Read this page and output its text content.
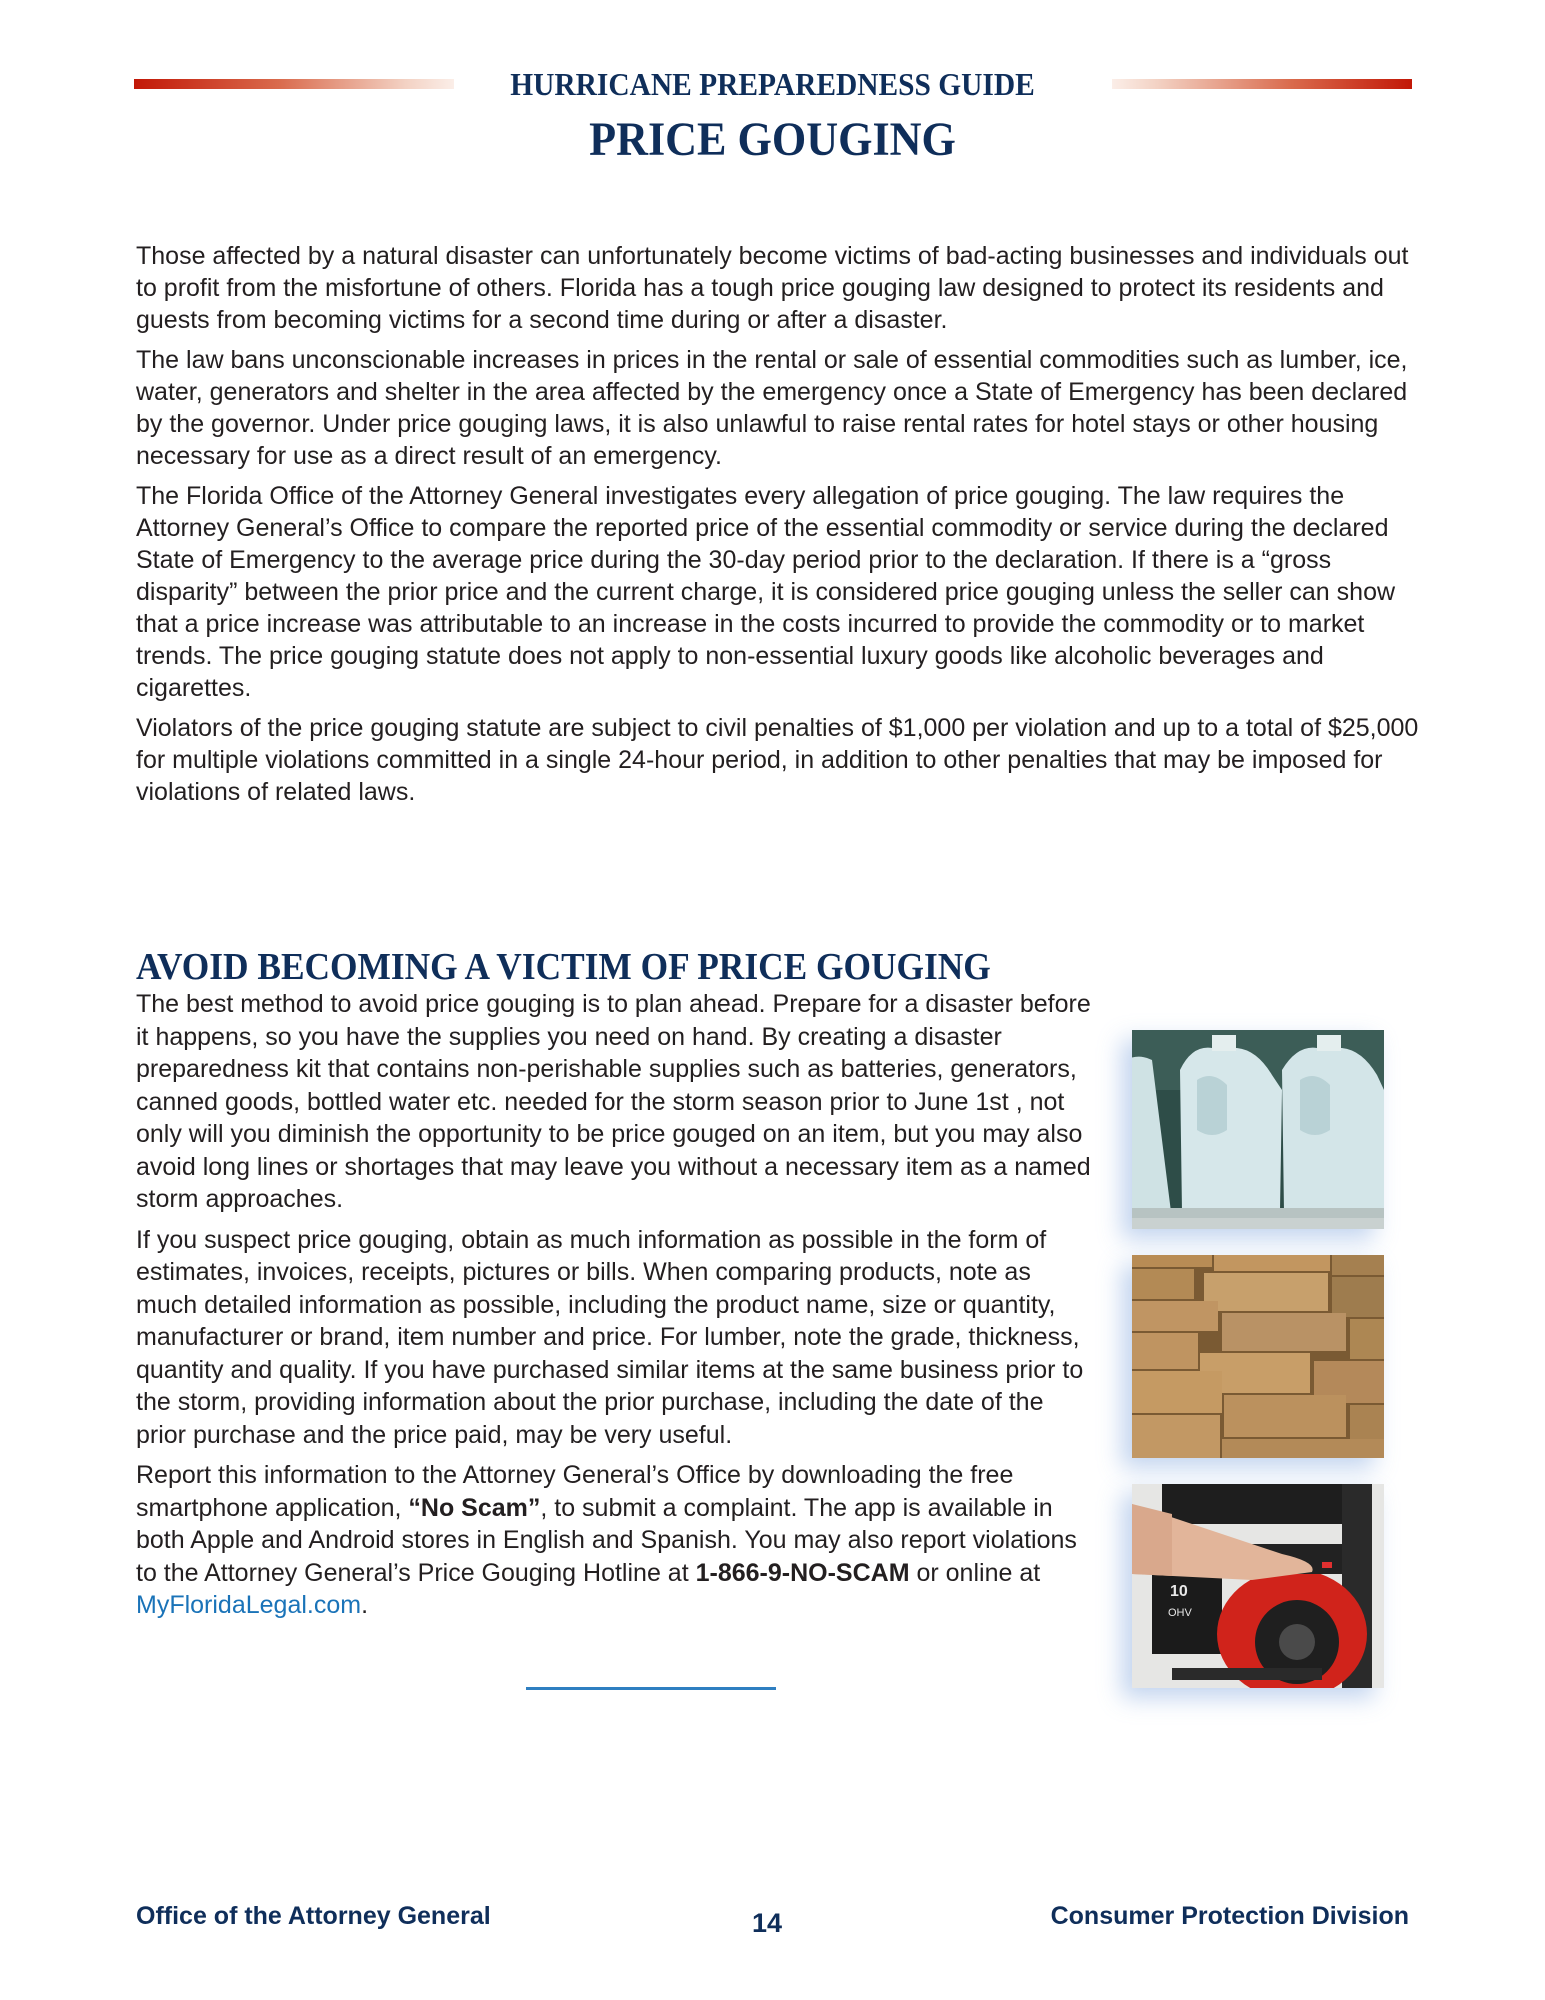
HURRICANE PREPAREDNESS GUIDE
PRICE GOUGING

Those affected by a natural disaster can unfortunately become victims of bad-acting businesses and individuals out to profit from the misfortune of others. Florida has a tough price gouging law designed to protect its residents and guests from becoming victims for a second time during or after a disaster.

The law bans unconscionable increases in prices in the rental or sale of essential commodities such as lumber, ice, water, generators and shelter in the area affected by the emergency once a State of Emergency has been declared by the governor. Under price gouging laws, it is also unlawful to raise rental rates for hotel stays or other housing necessary for use as a direct result of an emergency.

The Florida Office of the Attorney General investigates every allegation of price gouging. The law requires the Attorney General’s Office to compare the reported price of the essential commodity or service during the declared State of Emergency to the average price during the 30-day period prior to the declaration. If there is a “gross disparity” between the prior price and the current charge, it is considered price gouging unless the seller can show that a price increase was attributable to an increase in the costs incurred to provide the commodity or to market trends. The price gouging statute does not apply to non-essential luxury goods like alcoholic beverages and cigarettes.

Violators of the price gouging statute are subject to civil penalties of $1,000 per violation and up to a total of $25,000 for multiple violations committed in a single 24-hour period, in addition to other penalties that may be imposed for violations of related laws.

AVOID BECOMING A VICTIM OF PRICE GOUGING

The best method to avoid price gouging is to plan ahead. Prepare for a disaster before it happens, so you have the supplies you need on hand. By creating a disaster preparedness kit that contains non-perishable supplies such as batteries, generators, canned goods, bottled water etc. needed for the storm season prior to June 1st , not only will you diminish the opportunity to be price gouged on an item, but you may also avoid long lines or shortages that may leave you without a necessary item as a named storm approaches.

If you suspect price gouging, obtain as much information as possible in the form of estimates, invoices, receipts, pictures or bills. When comparing products, note as much detailed information as possible, including the product name, size or quantity, manufacturer or brand, item number and price. For lumber, note the grade, thickness, quantity and quality. If you have purchased similar items at the same business prior to the storm, providing information about the prior purchase, including the date of the prior purchase and the price paid, may be very useful.

Report this information to the Attorney General’s Office by downloading the free smartphone application, “No Scam”, to submit a complaint. The app is available in both Apple and Android stores in English and Spanish. You may also report violations to the Attorney General’s Price Gouging Hotline at 1-866-9-NO-SCAM or online at MyFloridaLegal.com.	10
OHV
Office of the Attorney General	14	Consumer Protection Division
